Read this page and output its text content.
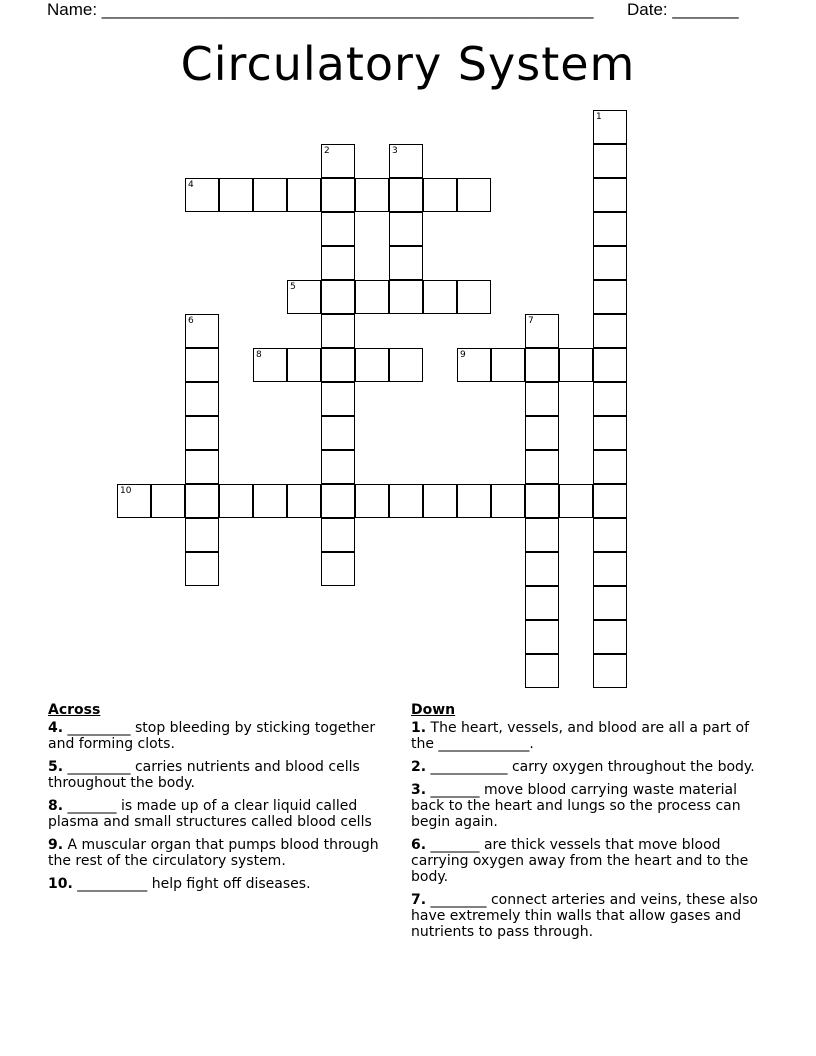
Name: ____________________________________________________ Date: _______
Circulatory System
1
2	3
4
5
6	7
8	9
10
Across
4. _________ stop bleeding by sticking together and forming clots.
5. _________ carries nutrients and blood cells throughout the body.
8. _______ is made up of a clear liquid called plasma and small structures called blood cells
9. A muscular organ that pumps blood through the rest of the circulatory system.
10. __________ help fight off diseases.
Down
1. The heart, vessels, and blood are all a part of the _____________.
2. ___________ carry oxygen throughout the body.
3. _______ move blood carrying waste material back to the heart and lungs so the process can begin again.
6. _______ are thick vessels that move blood carrying oxygen away from the heart and to the body.
7. ________ connect arteries and veins, these also have extremely thin walls that allow gases and nutrients to pass through.
